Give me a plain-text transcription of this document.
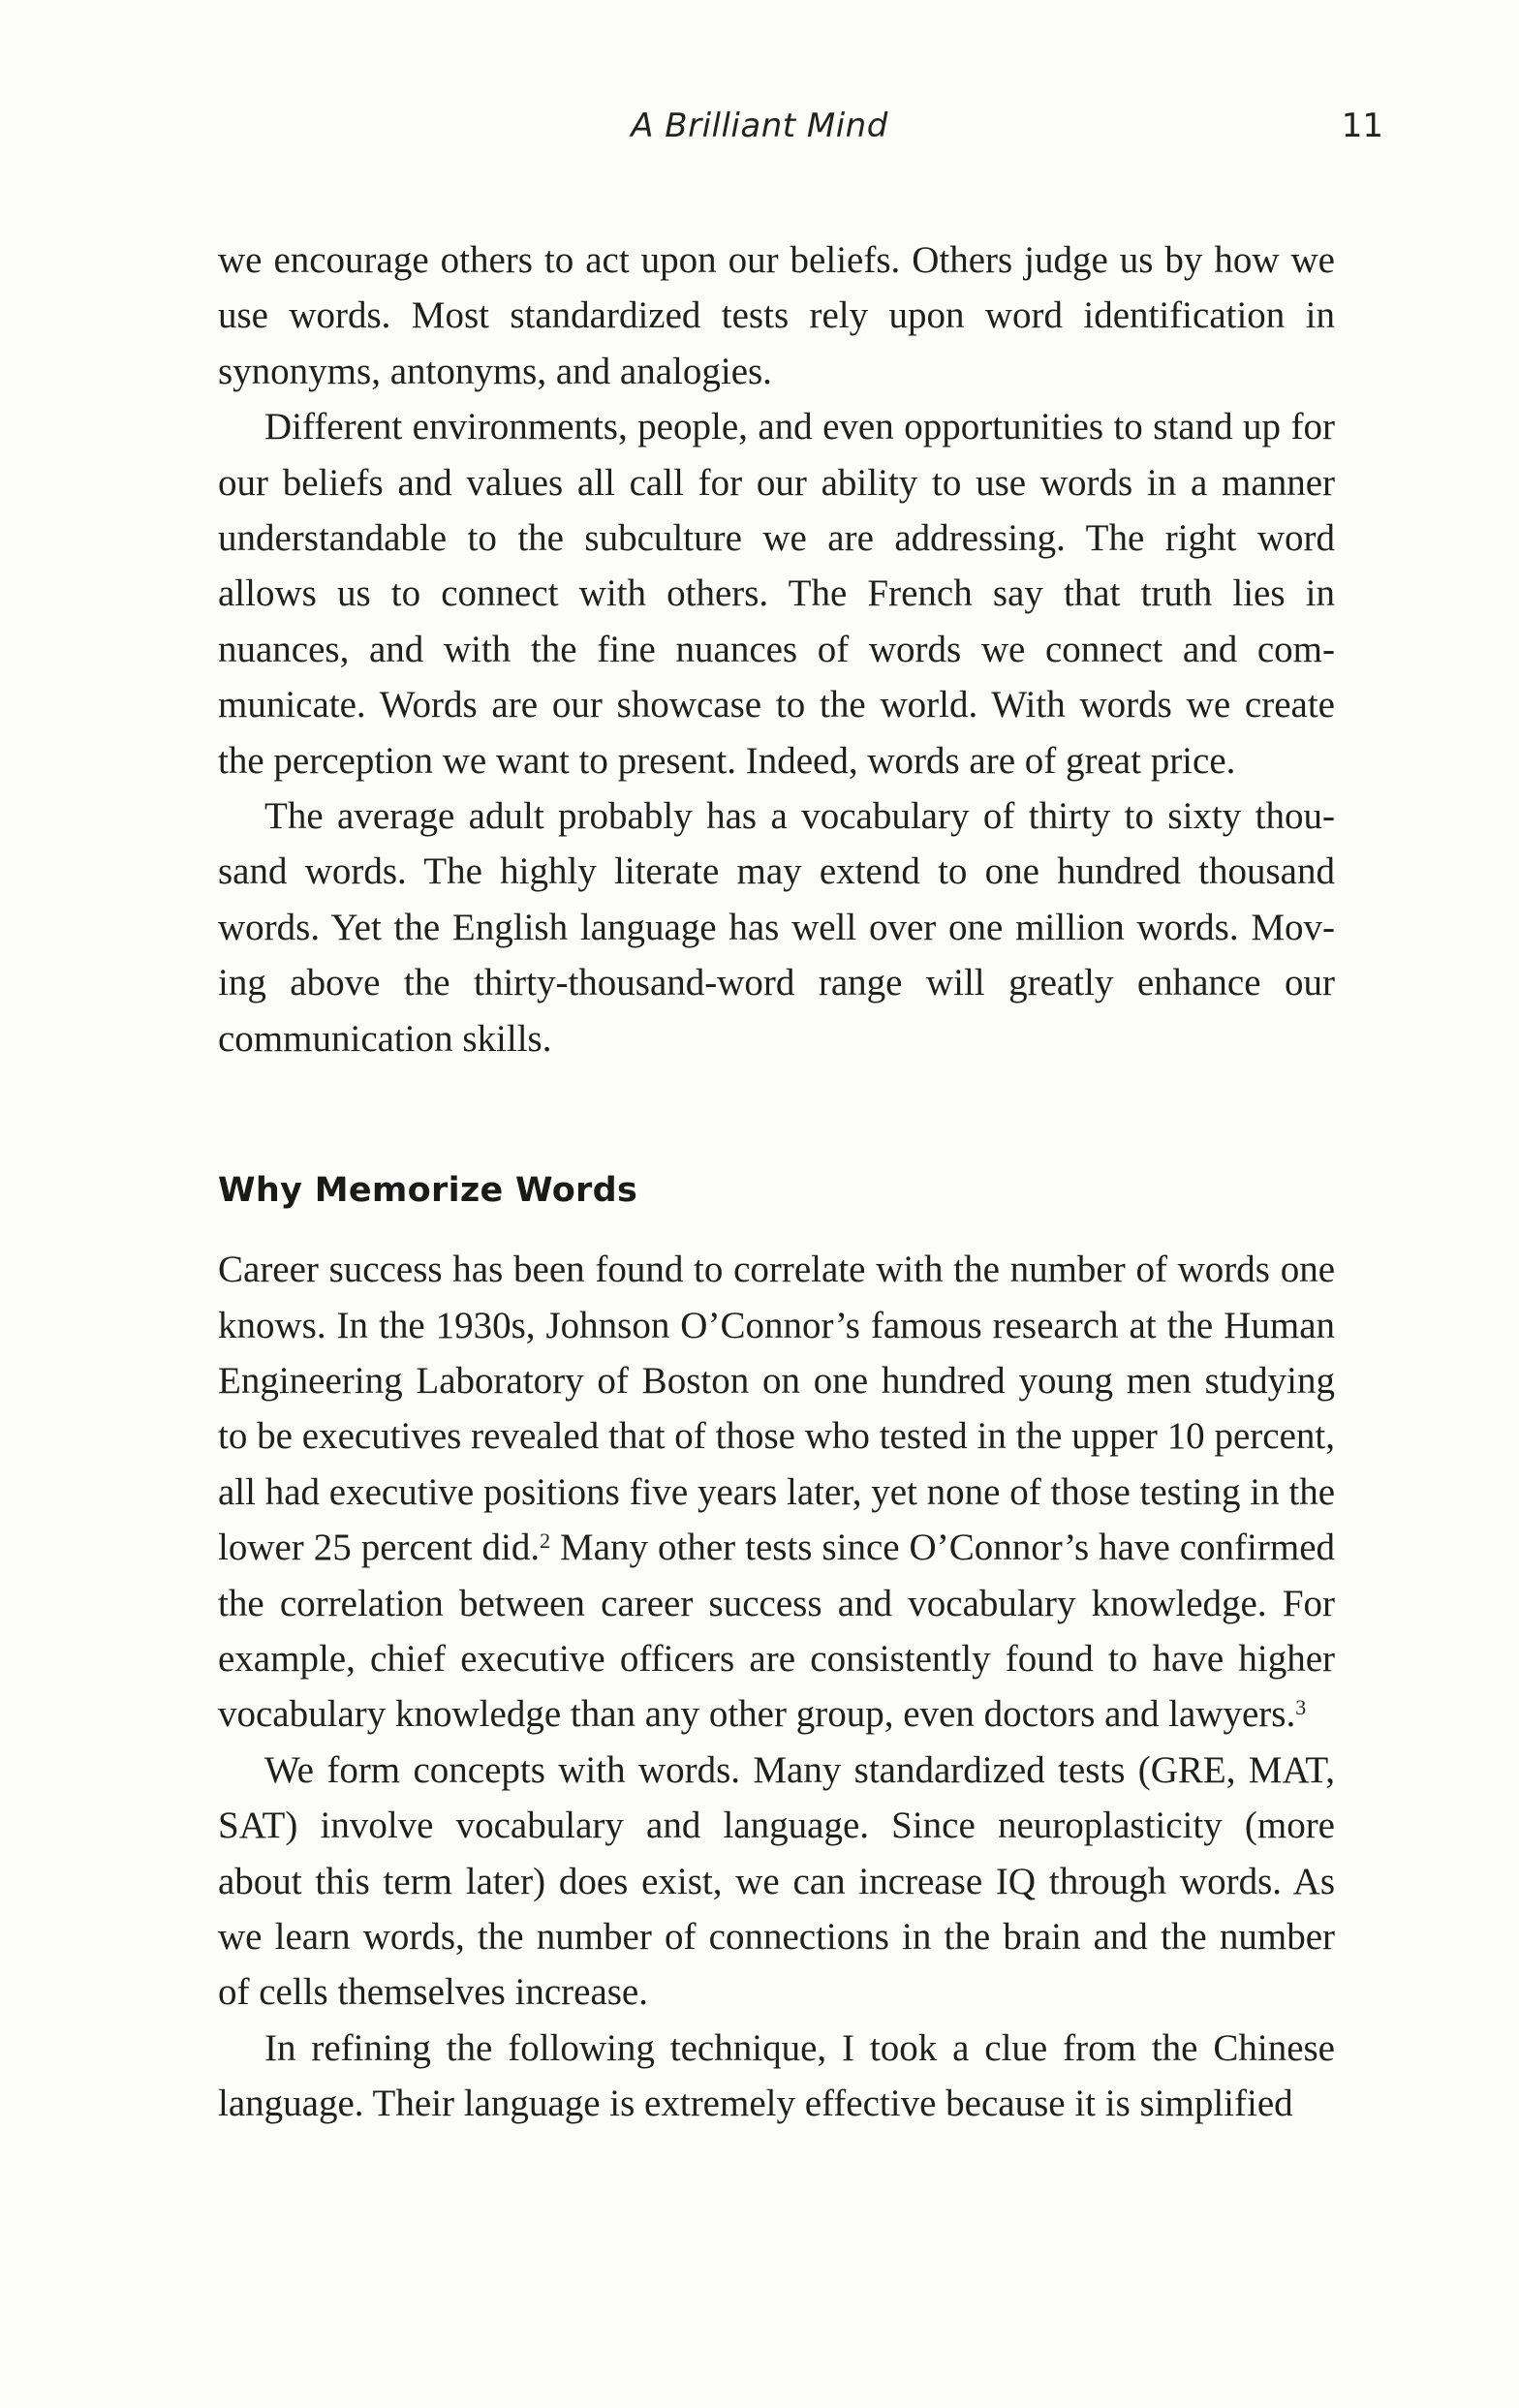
A Brilliant Mind	11

we encourage others to act upon our beliefs. Others judge us by how we use words. Most standardized tests rely upon word identification in synonyms, antonyms, and analogies.

Different environments, people, and even opportunities to stand up for our beliefs and values all call for our ability to use words in a manner understandable to the subculture we are addressing. The right word allows us to connect with others. The French say that truth lies in nuances, and with the fine nuances of words we connect and communicate. Words are our showcase to the world. With words we create the perception we want to present. Indeed, words are of great price.

The average adult probably has a vocabulary of thirty to sixty thousand words. The highly literate may extend to one hundred thousand words. Yet the English language has well over one million words. Moving above the thirty-thousand-word range will greatly enhance our communication skills.

Why Memorize Words

Career success has been found to correlate with the number of words one knows. In the 1930s, Johnson O’Connor’s famous research at the Human Engineering Laboratory of Boston on one hundred young men studying to be executives revealed that of those who tested in the upper 10 percent, all had executive positions five years later, yet none of those testing in the lower 25 percent did.$^2$ Many other tests since O’Connor’s have confirmed the correlation between career success and vocabulary knowledge. For example, chief executive officers are consistently found to have higher vocabulary knowledge than any other group, even doctors and lawyers.$^3$

We form concepts with words. Many standardized tests (GRE, MAT, SAT) involve vocabulary and language. Since neuroplasticity (more about this term later) does exist, we can increase IQ through words. As we learn words, the number of connections in the brain and the number of cells themselves increase.

In refining the following technique, I took a clue from the Chinese language. Their language is extremely effective because it is simplified
